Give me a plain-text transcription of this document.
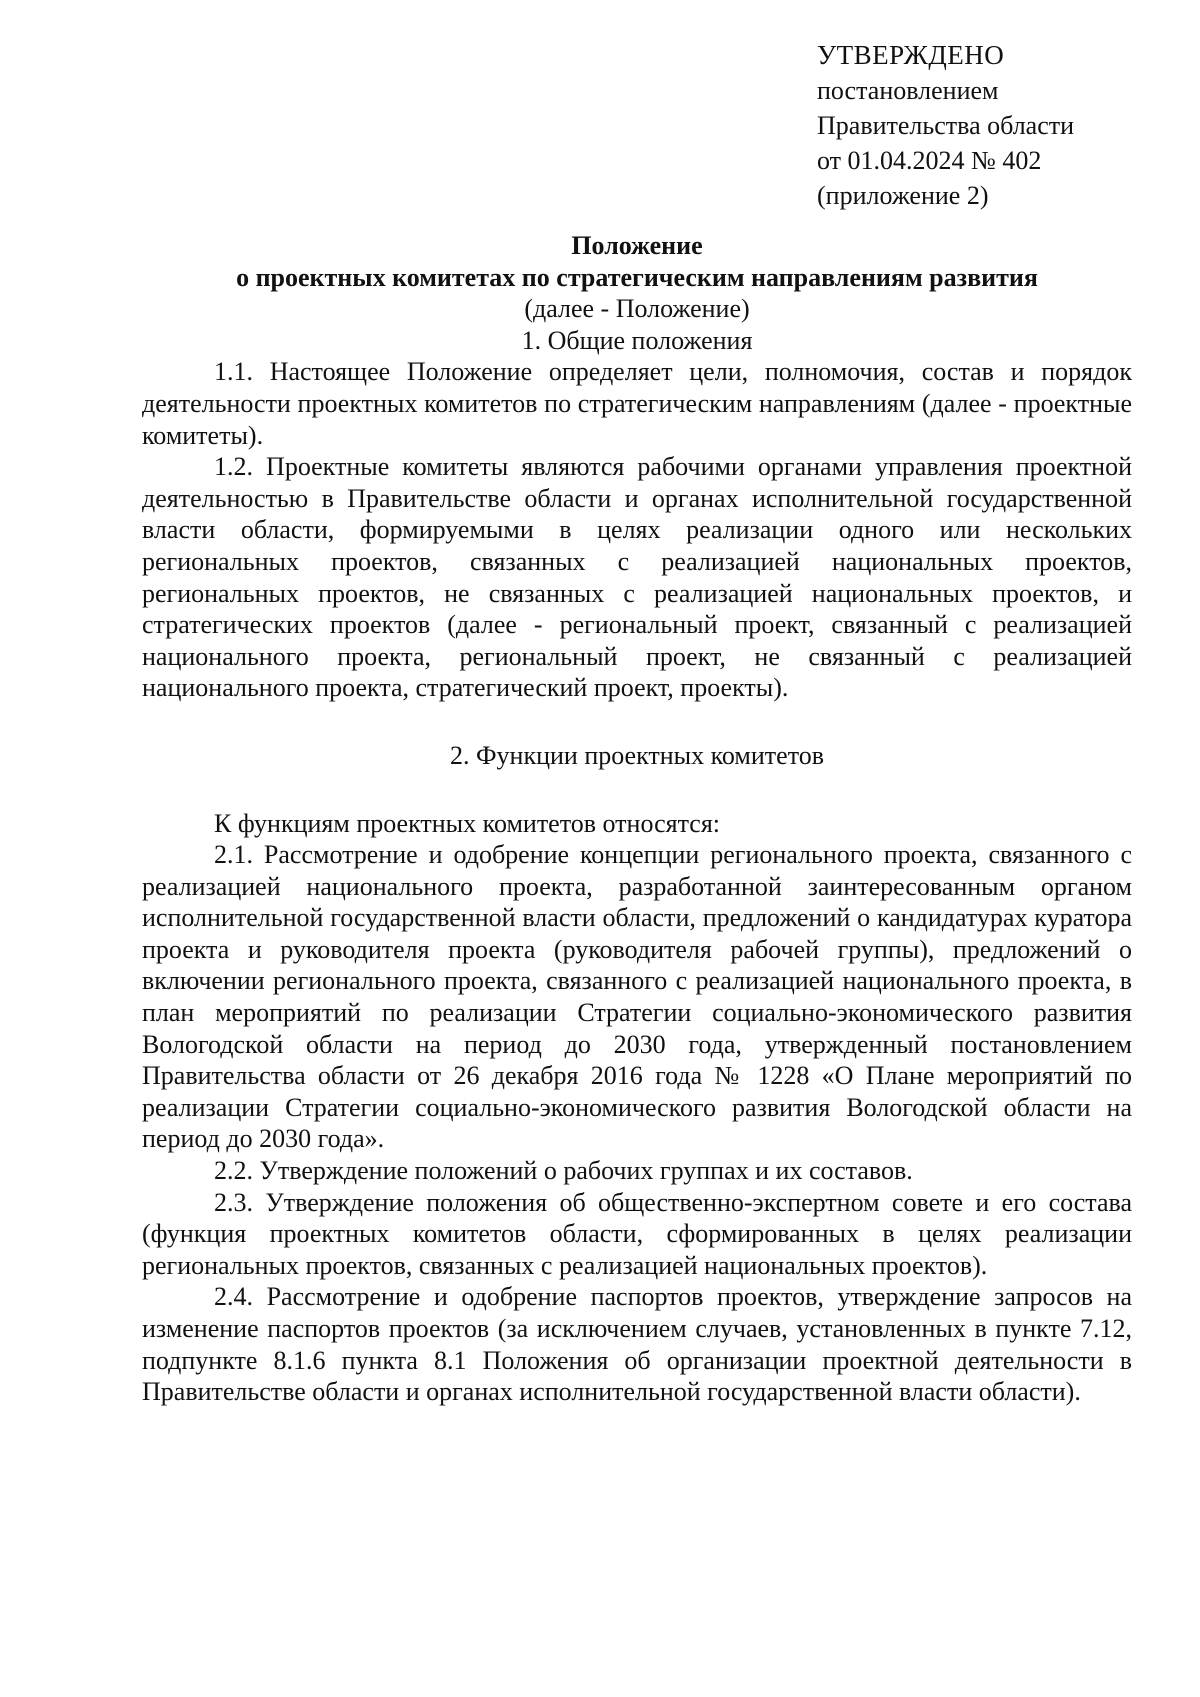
УТВЕРЖДЕНО
постановлением
Правительства области
от 01.04.2024 № 402
(приложение 2)

Положение

о проектных комитетах по стратегическим направлениям развития

(далее - Положение)

1. Общие положения

1.1. Настоящее Положение определяет цели, полномочия, состав и порядок деятельности проектных комитетов по стратегическим направлениям (далее - проектные комитеты).

1.2. Проектные комитеты являются рабочими органами управления проектной деятельностью в Правительстве области и органах исполнительной государственной власти области, формируемыми в целях реализации одного или нескольких региональных проектов, связанных с реализацией национальных проектов, региональных проектов, не связанных с реализацией национальных проектов, и стратегических проектов (далее - региональный проект, связанный с реализацией национального проекта, региональный проект, не связанный с реализацией национального проекта, стратегический проект, проекты).

2. Функции проектных комитетов

К функциям проектных комитетов относятся:

2.1. Рассмотрение и одобрение концепции регионального проекта, связанного с реализацией национального проекта, разработанной заинтересованным органом исполнительной государственной власти области, предложений о кандидатурах куратора проекта и руководителя проекта (руководителя рабочей группы), предложений о включении регионального проекта, связанного с реализацией национального проекта, в план мероприятий по реализации Стратегии социально-экономического развития Вологодской области на период до 2030 года, утвержденный постановлением Правительства области от 26 декабря 2016 года № 1228 «О Плане мероприятий по реализации Стратегии социально-экономического развития Вологодской области на период до 2030 года».

2.2. Утверждение положений о рабочих группах и их составов.

2.3. Утверждение положения об общественно-экспертном совете и его состава (функция проектных комитетов области, сформированных в целях реализации региональных проектов, связанных с реализацией национальных проектов).

2.4. Рассмотрение и одобрение паспортов проектов, утверждение запросов на изменение паспортов проектов (за исключением случаев, установленных в пункте 7.12, подпункте 8.1.6 пункта 8.1 Положения об организации проектной деятельности в Правительстве области и органах исполнительной государственной власти области).
